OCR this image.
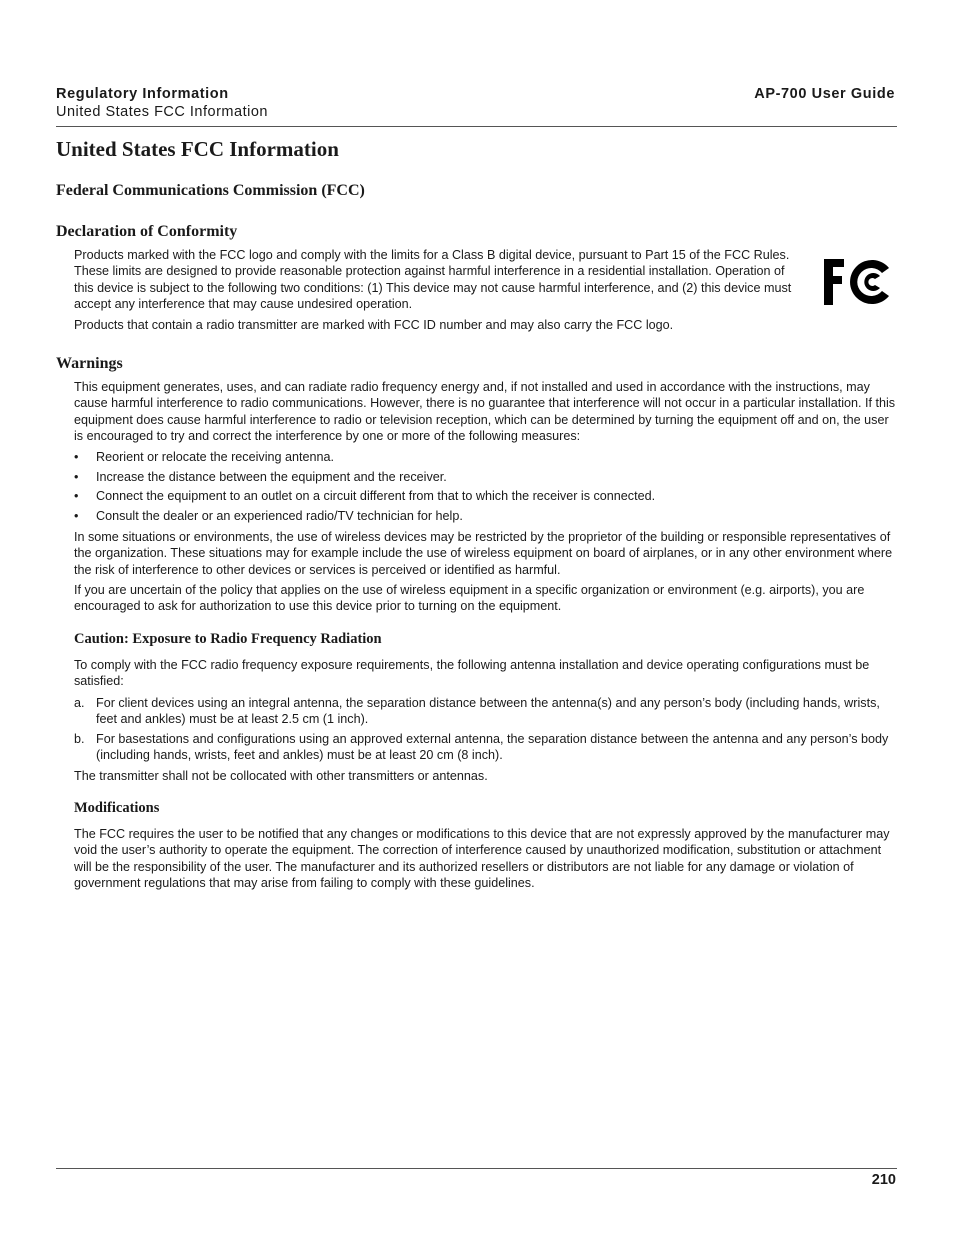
Regulatory Information
United States FCC Information
AP-700 User Guide
United States FCC Information
Federal Communications Commission (FCC)
Declaration of Conformity

Products marked with the FCC logo and comply with the limits for a Class B digital device, pursuant to Part 15 of the FCC Rules. These limits are designed to provide reasonable protection against harmful interference in a residential installation. Operation of this device is subject to the following two conditions: (1) This device may not cause harmful interference, and (2) this device must accept any interference that may cause undesired operation.

Products that contain a radio transmitter are marked with FCC ID number and may also carry the FCC logo.

Warnings

This equipment generates, uses, and can radiate radio frequency energy and, if not installed and used in accordance with the instructions, may cause harmful interference to radio communications. However, there is no guarantee that interference will not occur in a particular installation. If this equipment does cause harmful interference to radio or television reception, which can be determined by turning the equipment off and on, the user is encouraged to try and correct the interference by one or more of the following measures:

• Reorient or relocate the receiving antenna.
• Increase the distance between the equipment and the receiver.
• Connect the equipment to an outlet on a circuit different from that to which the receiver is connected.
• Consult the dealer or an experienced radio/TV technician for help.

In some situations or environments, the use of wireless devices may be restricted by the proprietor of the building or responsible representatives of the organization. These situations may for example include the use of wireless equipment on board of airplanes, or in any other environment where the risk of interference to other devices or services is perceived or identified as harmful.

If you are uncertain of the policy that applies on the use of wireless equipment in a specific organization or environment (e.g. airports), you are encouraged to ask for authorization to use this device prior to turning on the equipment.

Caution: Exposure to Radio Frequency Radiation

To comply with the FCC radio frequency exposure requirements, the following antenna installation and device operating configurations must be satisfied:

a. For client devices using an integral antenna, the separation distance between the antenna(s) and any person’s body (including hands, wrists, feet and ankles) must be at least 2.5 cm (1 inch).
b. For basestations and configurations using an approved external antenna, the separation distance between the antenna and any person’s body (including hands, wrists, feet and ankles) must be at least 20 cm (8 inch).

The transmitter shall not be collocated with other transmitters or antennas.

Modifications

The FCC requires the user to be notified that any changes or modifications to this device that are not expressly approved by the manufacturer may void the user’s authority to operate the equipment. The correction of interference caused by unauthorized modification, substitution or attachment will be the responsibility of the user. The manufacturer and its authorized resellers or distributors are not liable for any damage or violation of government regulations that may arise from failing to comply with these guidelines.

210
